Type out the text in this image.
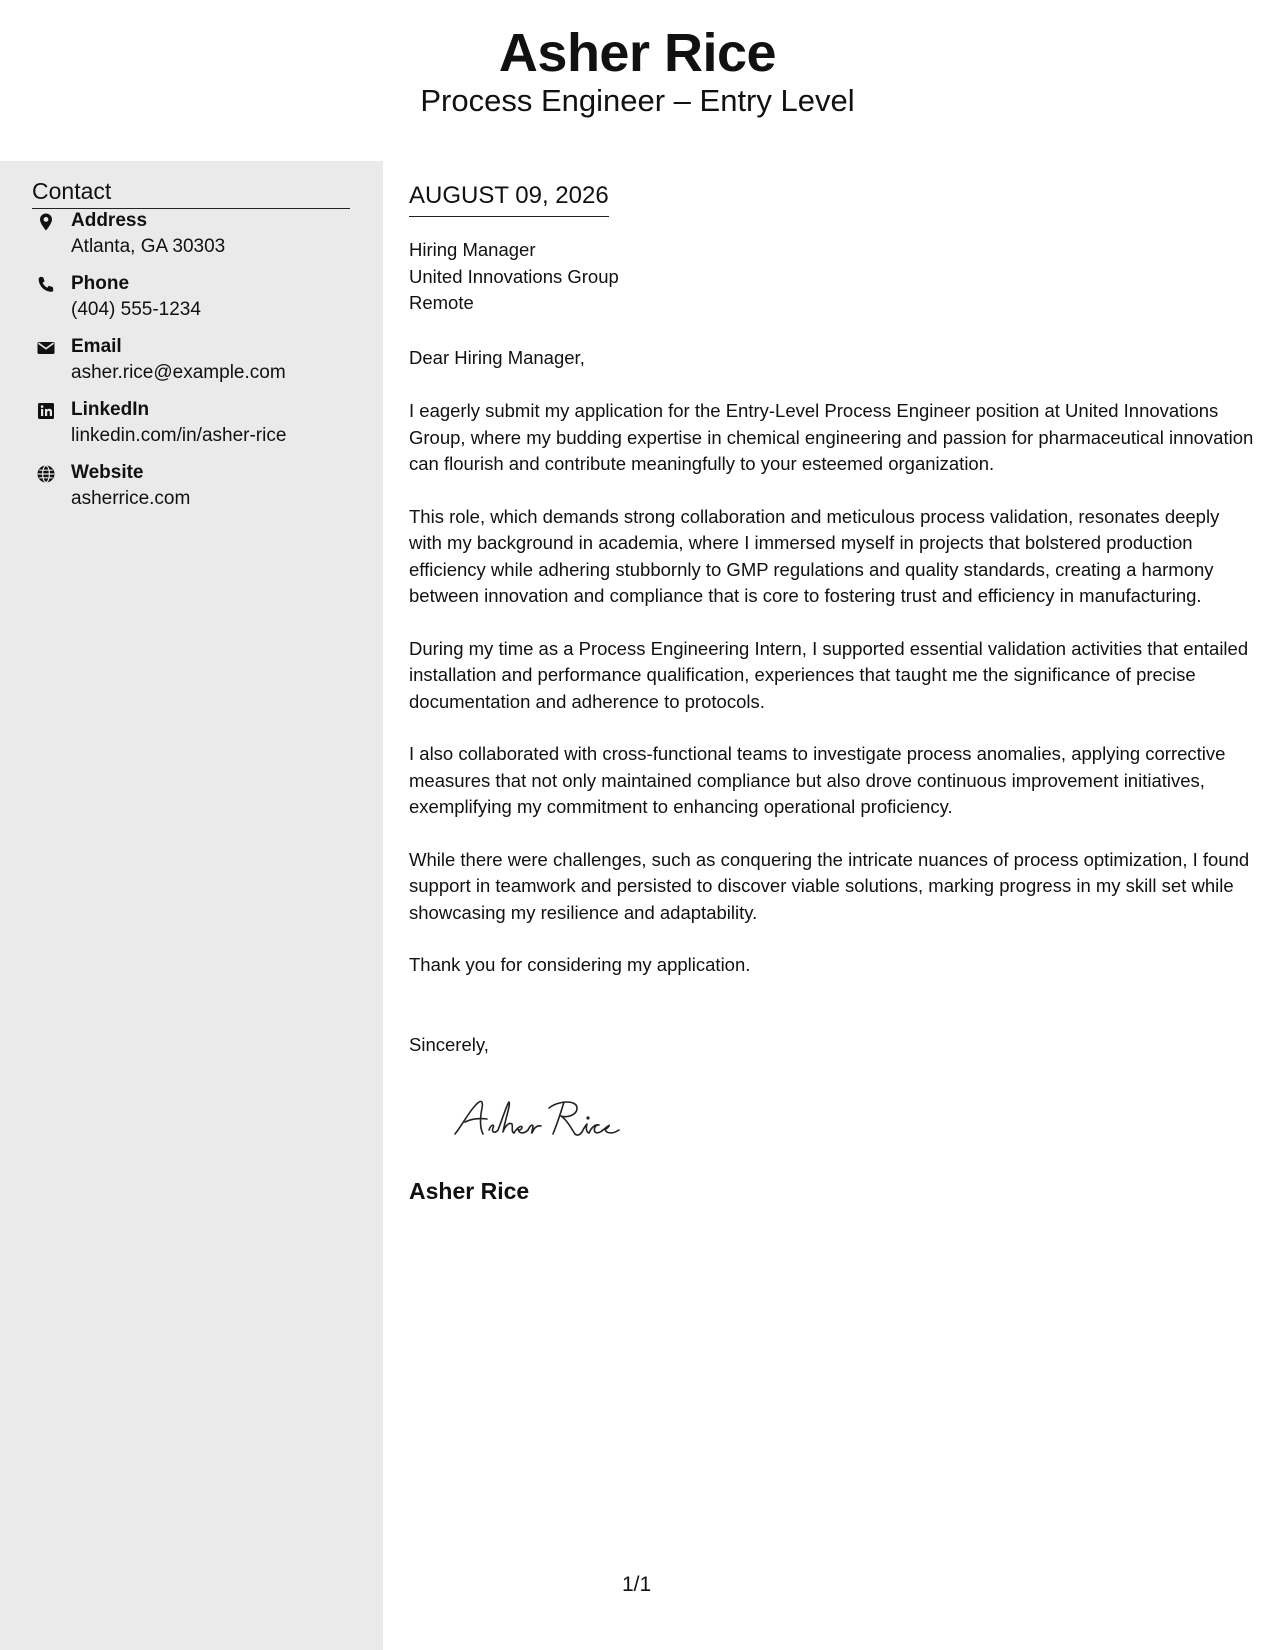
Asher Rice
Process Engineer – Entry Level
Contact
Address
Atlanta, GA 30303
Phone
(404) 555-1234
Email
asher.rice@example.com
LinkedIn
linkedin.com/in/asher-rice
Website
asherrice.com
AUGUST 09, 2026
Hiring Manager
United Innovations Group
Remote
Dear Hiring Manager,

I eagerly submit my application for the Entry-Level Process Engineer position at United Innovations Group, where my budding expertise in chemical engineering and passion for pharmaceutical innovation can flourish and contribute meaningfully to your esteemed organization.

This role, which demands strong collaboration and meticulous process validation, resonates deeply with my background in academia, where I immersed myself in projects that bolstered production efficiency while adhering stubbornly to GMP regulations and quality standards, creating a harmony between innovation and compliance that is core to fostering trust and efficiency in manufacturing.

During my time as a Process Engineering Intern, I supported essential validation activities that entailed installation and performance qualification, experiences that taught me the significance of precise documentation and adherence to protocols.

I also collaborated with cross-functional teams to investigate process anomalies, applying corrective measures that not only maintained compliance but also drove continuous improvement initiatives, exemplifying my commitment to enhancing operational proficiency.

While there were challenges, such as conquering the intricate nuances of process optimization, I found support in teamwork and persisted to discover viable solutions, marking progress in my skill set while showcasing my resilience and adaptability.

Thank you for considering my application.

Sincerely,
Asher Rice
1/1
